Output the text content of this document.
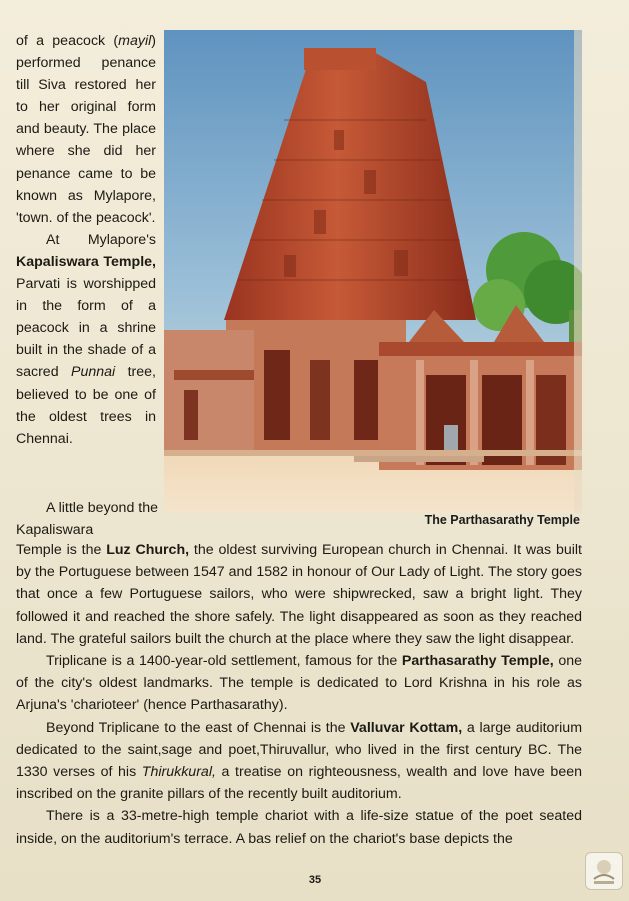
of a peacock (mayil) performed penance till Siva restored her to her original form and beauty. The place where she did her penance came to be known as Mylapore, 'town. of the peacock'.

At Mylapore's Kapaliswara Temple, Parvati is worshipped in the form of a peacock in a shrine built in the shade of a sacred Punnai tree, believed to be one of the oldest trees in Chennai.

The Parthasarathy Temple
A little beyond the Kapaliswara

Temple is the Luz Church, the oldest surviving European church in Chennai. It was built by the Portuguese between 1547 and 1582 in honour of Our Lady of Light. The story goes that once a few Portuguese sailors, who were shipwrecked, saw a bright light. They followed it and reached the shore safely. The light disappeared as soon as they reached land. The grateful sailors built the church at the place where they saw the light disappear.

Triplicane is a 1400-year-old settlement, famous for the Parthasarathy Temple, one of the city's oldest landmarks. The temple is dedicated to Lord Krishna in his role as Arjuna's 'charioteer' (hence Parthasarathy).

Beyond Triplicane to the east of Chennai is the Valluvar Kottam, a large auditorium dedicated to the saint,sage and poet,Thiruvallur, who lived in the first century BC. The 1330 verses of his Thirukkural, a treatise on righteousness, wealth and love have been inscribed on the granite pillars of the recently built auditorium.

There is a 33-metre-high temple chariot with a life-size statue of the poet seated inside, on the auditorium's terrace. A bas relief on the chariot's base depicts the

35
